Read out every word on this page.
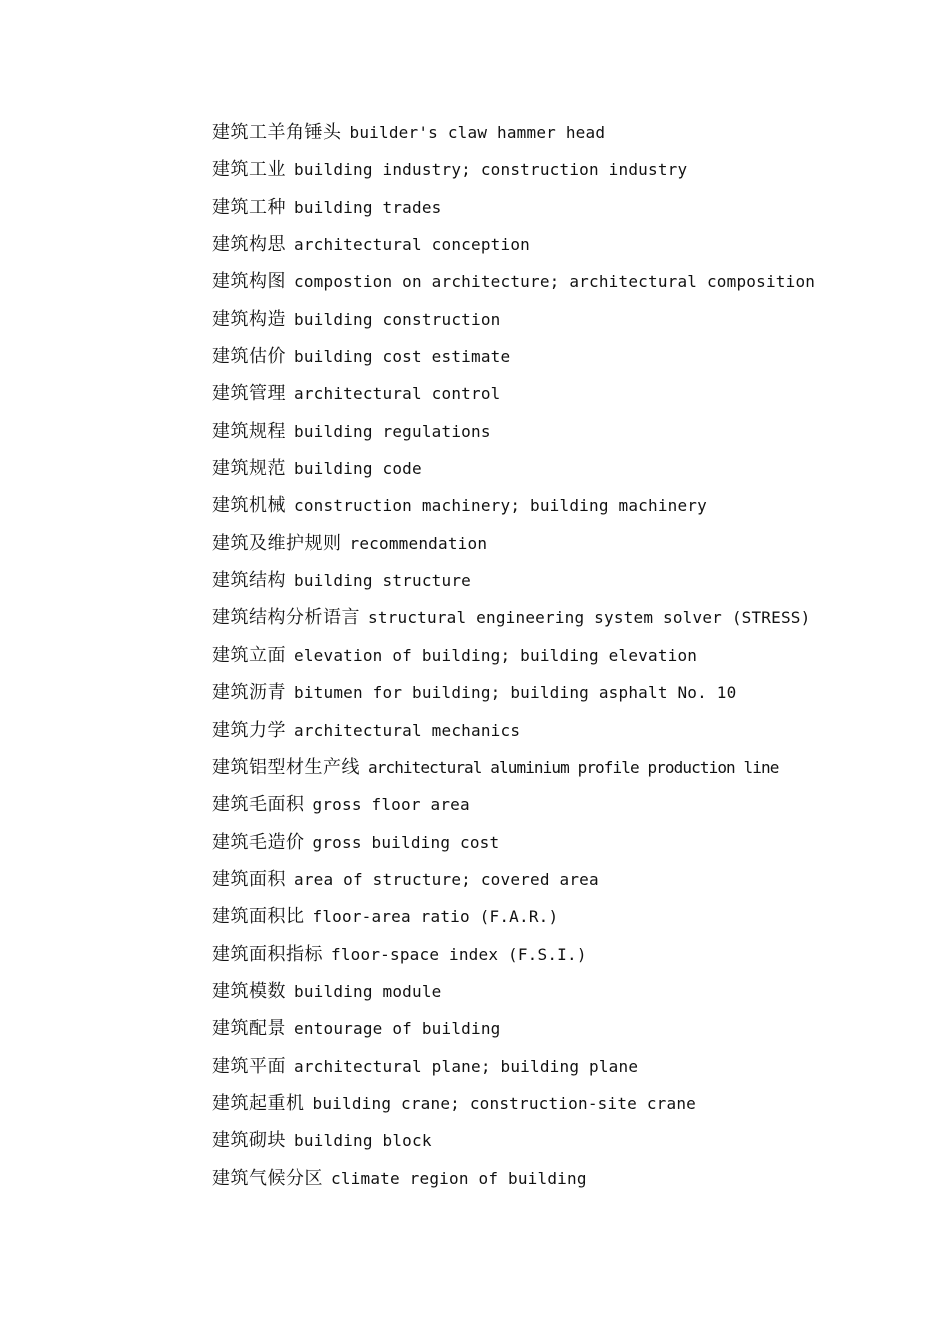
建筑工羊角锤头 builder's claw hammer head
建筑工业 building industry; construction industry
建筑工种 building trades
建筑构思 architectural conception
建筑构图 compostion on architecture; architectural composition
建筑构造 building construction
建筑估价 building cost estimate
建筑管理 architectural control
建筑规程 building regulations
建筑规范 building code
建筑机械 construction machinery; building machinery
建筑及维护规则 recommendation
建筑结构 building structure
建筑结构分析语言 structural engineering system solver (STRESS)
建筑立面 elevation of building; building elevation
建筑沥青 bitumen for building; building asphalt No. 10
建筑力学 architectural mechanics
建筑铝型材生产线 architectural aluminium profile production line
建筑毛面积 gross floor area
建筑毛造价 gross building cost
建筑面积 area of structure; covered area
建筑面积比 floor-area ratio (F.A.R.)
建筑面积指标 floor-space index (F.S.I.)
建筑模数 building module
建筑配景 entourage of building
建筑平面 architectural plane; building plane
建筑起重机 building crane; construction-site crane
建筑砌块 building block
建筑气候分区 climate region of building
